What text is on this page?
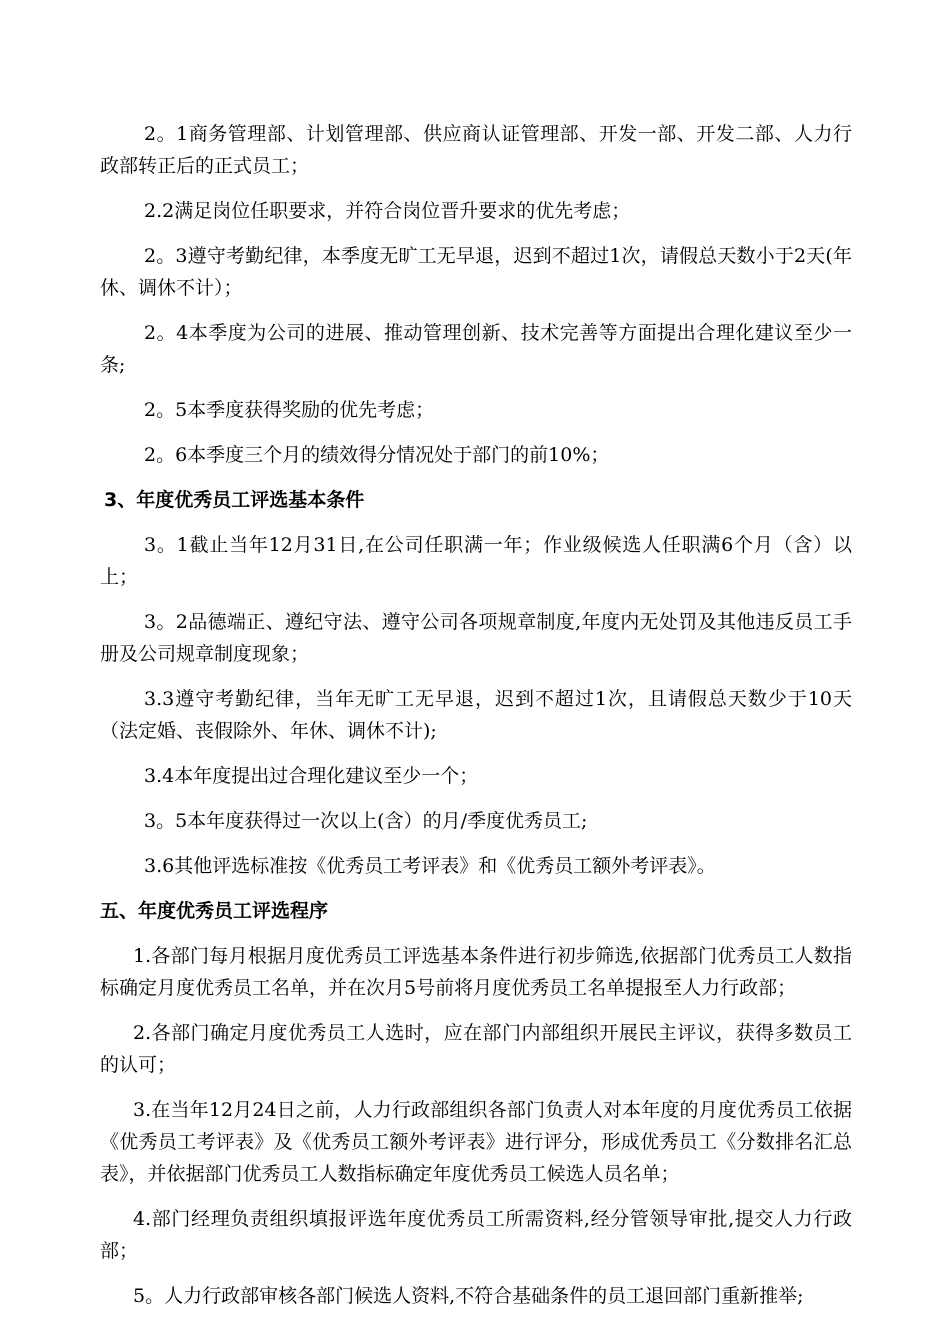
2。1商务管理部、计划管理部、供应商认证管理部、开发一部、开发二部、人力行政部转正后的正式员工；

2.2满足岗位任职要求，并符合岗位晋升要求的优先考虑；

2。3遵守考勤纪律，本季度无旷工无早退，迟到不超过1次，请假总天数小于2天(年休、调休不计）；

2。4本季度为公司的进展、推动管理创新、技术完善等方面提出合理化建议至少一条;

2。5本季度获得奖励的优先考虑；

2。6本季度三个月的绩效得分情况处于部门的前10%；

3、年度优秀员工评选基本条件

3。1截止当年12月31日,在公司任职满一年；作业级候选人任职满6个月（含）以上；

3。2品德端正、遵纪守法、遵守公司各项规章制度,年度内无处罚及其他违反员工手册及公司规章制度现象；

3.3遵守考勤纪律，当年无旷工无早退，迟到不超过1次，且请假总天数少于10天（法定婚、丧假除外、年休、调休不计);

3.4本年度提出过合理化建议至少一个；

3。5本年度获得过一次以上(含）的月/季度优秀员工;

3.6其他评选标准按《优秀员工考评表》和《优秀员工额外考评表》。

五、年度优秀员工评选程序

1.各部门每月根据月度优秀员工评选基本条件进行初步筛选,依据部门优秀员工人数指标确定月度优秀员工名单，并在次月5号前将月度优秀员工名单提报至人力行政部；

2.各部门确定月度优秀员工人选时，应在部门内部组织开展民主评议，获得多数员工的认可；

3.在当年12月24日之前，人力行政部组织各部门负责人对本年度的月度优秀员工依据《优秀员工考评表》及《优秀员工额外考评表》进行评分，形成优秀员工《分数排名汇总表》，并依据部门优秀员工人数指标确定年度优秀员工候选人员名单；

4.部门经理负责组织填报评选年度优秀员工所需资料,经分管领导审批,提交人力行政部；

5。人力行政部审核各部门候选人资料,不符合基础条件的员工退回部门重新推举;
